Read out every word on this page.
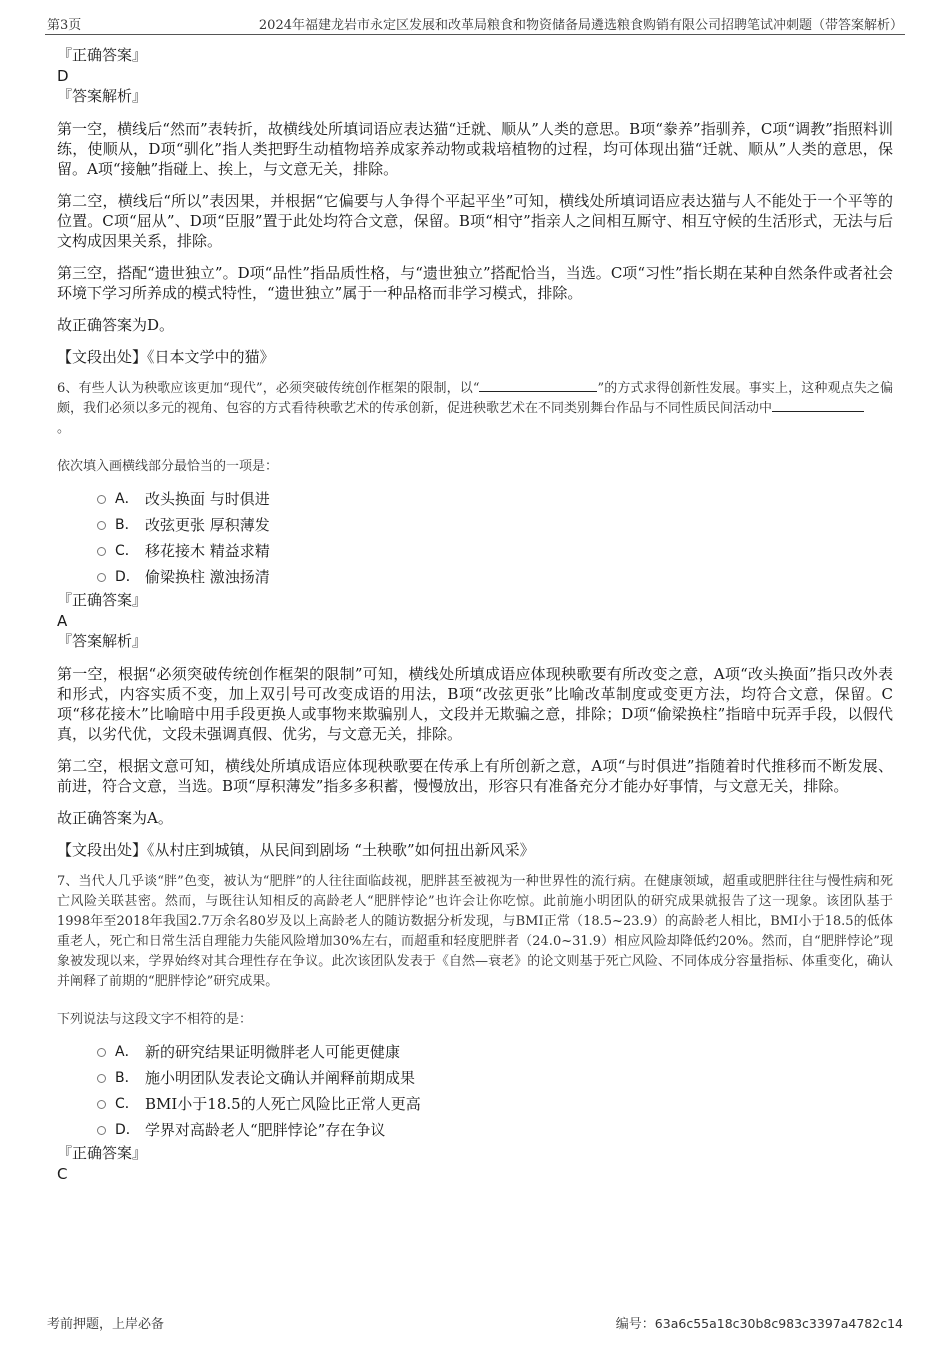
第3页	2024年福建龙岩市永定区发展和改革局粮食和物资储备局遴选粮食购销有限公司招聘笔试冲刺题（带答案解析）
『正确答案』
D
『答案解析』

第一空，横线后“然而”表转折，故横线处所填词语应表达猫“迁就、顺从”人类的意思。B项“豢养”指驯养，C项“调教”指照料训练，使顺从，D项“驯化”指人类把野生动植物培养成家养动物或栽培植物的过程，均可体现出猫“迁就、顺从”人类的意思，保留。A项“接触”指碰上、挨上，与文意无关，排除。

第二空，横线后“所以”表因果，并根据“它偏要与人争得个平起平坐”可知，横线处所填词语应表达猫与人不能处于一个平等的位置。C项“屈从”、D项“臣服”置于此处均符合文意，保留。B项“相守”指亲人之间相互厮守、相互守候的生活形式，无法与后文构成因果关系，排除。

第三空，搭配“遗世独立”。D项“品性”指品质性格，与“遗世独立”搭配恰当，当选。C项“习性”指长期在某种自然条件或者社会环境下学习所养成的模式特性，“遗世独立”属于一种品格而非学习模式，排除。

故正确答案为D。

【文段出处】《日本文学中的猫》

6、有些人认为秧歌应该更加“现代”，必须突破传统创作框架的限制，以“	”的方式求得创新性发展。事实上，这种观点失之偏颇，我们必须以多元的视角、包容的方式看待秧歌艺术的传承创新，促进秧歌艺术在不同类别舞台作品与不同性质民间活动中
。

依次填入画横线部分最恰当的一项是：
A． 改头换面 与时俱进
B． 改弦更张 厚积薄发
C． 移花接木 精益求精
D． 偷梁换柱 激浊扬清
『正确答案』
A
『答案解析』

第一空，根据“必须突破传统创作框架的限制”可知，横线处所填成语应体现秧歌要有所改变之意，A项“改头换面”指只改外表和形式，内容实质不变，加上双引号可改变成语的用法，B项“改弦更张”比喻改革制度或变更方法，均符合文意，保留。C项“移花接木”比喻暗中用手段更换人或事物来欺骗别人，文段并无欺骗之意，排除；D项“偷梁换柱”指暗中玩弄手段，以假代真，以劣代优，文段未强调真假、优劣，与文意无关，排除。

第二空，根据文意可知，横线处所填成语应体现秧歌要在传承上有所创新之意，A项“与时俱进”指随着时代推移而不断发展、前进，符合文意，当选。B项“厚积薄发”指多多积蓄，慢慢放出，形容只有准备充分才能办好事情，与文意无关，排除。

故正确答案为A。

【文段出处】《从村庄到城镇，从民间到剧场 “土秧歌”如何扭出新风采》

7、当代人几乎谈“胖”色变，被认为“肥胖”的人往往面临歧视，肥胖甚至被视为一种世界性的流行病。在健康领域，超重或肥胖往往与慢性病和死亡风险关联甚密。然而，与既往认知相反的高龄老人“肥胖悖论”也许会让你吃惊。此前施小明团队的研究成果就报告了这一现象。该团队基于1998年至2018年我国2.7万余名80岁及以上高龄老人的随访数据分析发现，与BMI正常（18.5~23.9）的高龄老人相比，BMI小于18.5的低体重老人，死亡和日常生活自理能力失能风险增加30%左右，而超重和轻度肥胖者（24.0~31.9）相应风险却降低约20%。然而，自“肥胖悖论”现象被发现以来，学界始终对其合理性存在争议。此次该团队发表于《自然—衰老》的论文则基于死亡风险、不同体成分容量指标、体重变化，确认并阐释了前期的“肥胖悖论”研究成果。

下列说法与这段文字不相符的是：
A． 新的研究结果证明微胖老人可能更健康
B． 施小明团队发表论文确认并阐释前期成果
C． BMI小于18.5的人死亡风险比正常人更高
D． 学界对高龄老人“肥胖悖论”存在争议
『正确答案』
C
考前押题，上岸必备	编号：63a6c55a18c30b8c983c3397a4782c14
